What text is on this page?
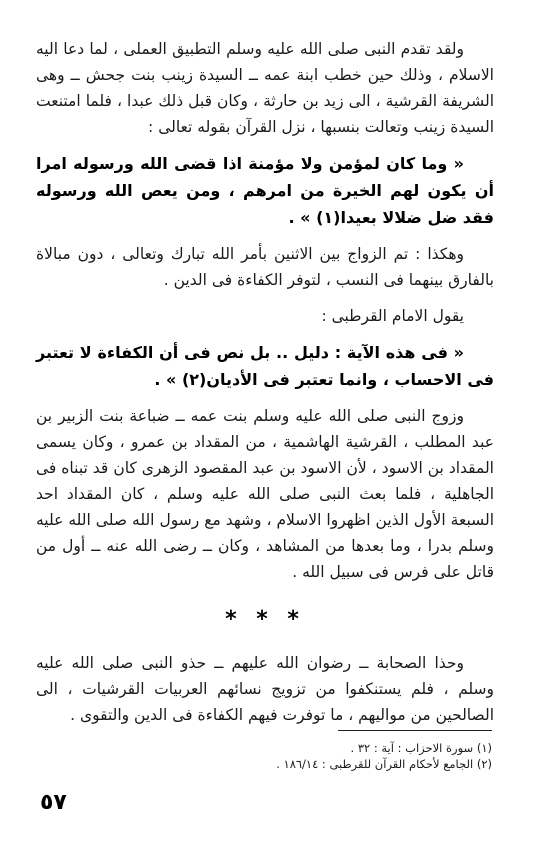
ولقد تقدم النبى صلى الله عليه وسلم التطبيق العملى ، لما دعا اليه الاسلام ، وذلك حين خطب ابنة عمه ــ السيدة زينب بنت جحش ــ وهى الشريفة القرشية ، الى زيد بن حارثة ، وكان قبل ذلك عبدا ، فلما امتنعت السيدة زينب وتعالت بنسبها ، نزل القرآن بقوله تعالى :

« وما كان لمؤمن ولا مؤمنة اذا قضى الله ورسوله امرا أن يكون لهم الخيرة من امرهم ، ومن يعص الله ورسوله فقد ضل ضلالا بعيدا(١) » .

وهكذا : تم الزواج بين الاثنين بأمر الله تبارك وتعالى ، دون مبالاة بالفارق بينهما فى النسب ، لتوفر الكفاءة فى الدين .

يقول الامام القرطبى :

« فى هذه الآية : دليل .. بل نص فى أن الكفاءة لا تعتبر فى الاحساب ، وانما تعتبر فى الأديان(٢) » .

وزوج النبى صلى الله عليه وسلم بنت عمه ــ ضباعة بنت الزبير بن عبد المطلب ، القرشية الهاشمية ، من المقداد بن عمرو ، وكان يسمى المقداد بن الاسود ، لأن الاسود بن عبد المقصود الزهرى كان قد تبناه فى الجاهلية ، فلما بعث النبى صلى الله عليه وسلم ، كان المقداد احد السبعة الأول الذين اظهروا الاسلام ، وشهد مع رسول الله صلى الله عليه وسلم بدرا ، وما بعدها من المشاهد ، وكان ــ رضى الله عنه ــ أول من قاتل على فرس فى سبيل الله .

* * *

وحذا الصحابة ــ رضوان الله عليهم ــ حذو النبى صلى الله عليه وسلم ، فلم يستنكفوا من تزويج نسائهم العربيات القرشيات ، الى الصالحين من مواليهم ، ما توفرت فيهم الكفاءة فى الدين والتقوى .

(١) سورة الاحزاب : آية : ٣٢ .

(٢) الجامع لأحكام القرآن للقرطبى : ١٨٦/١٤ .

٥٧
